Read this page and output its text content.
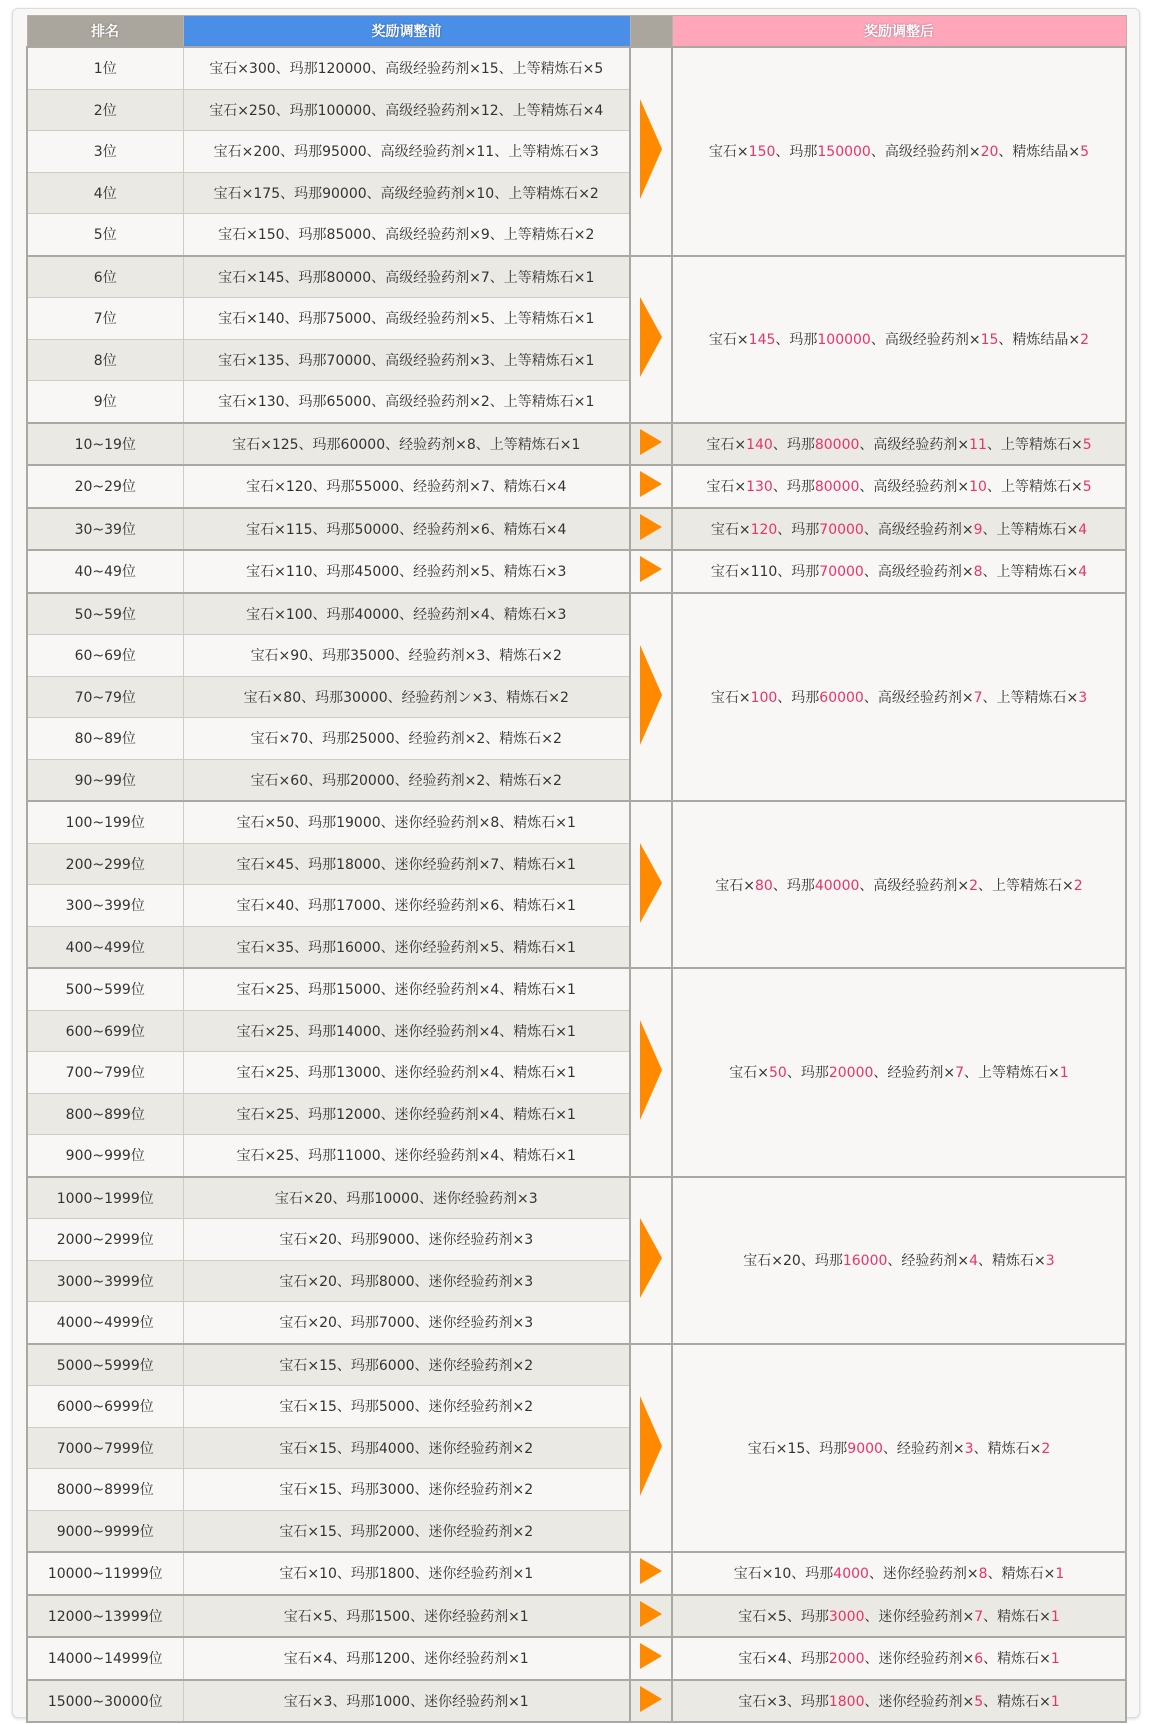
排名	奖励调整前		奖励调整后
1位	宝石×300、玛那120000、高级经验药剂×15、上等精炼石×5		宝石×150、玛那150000、高级经验药剂×20、精炼结晶×5
2位	宝石×250、玛那100000、高级经验药剂×12、上等精炼石×4		
3位	宝石×200、玛那95000、高级经验药剂×11、上等精炼石×3		
4位	宝石×175、玛那90000、高级经验药剂×10、上等精炼石×2		
5位	宝石×150、玛那85000、高级经验药剂×9、上等精炼石×2		
6位	宝石×145、玛那80000、高级经验药剂×7、上等精炼石×1		宝石×145、玛那100000、高级经验药剂×15、精炼结晶×2
7位	宝石×140、玛那75000、高级经验药剂×5、上等精炼石×1		
8位	宝石×135、玛那70000、高级经验药剂×3、上等精炼石×1		
9位	宝石×130、玛那65000、高级经验药剂×2、上等精炼石×1		
10~19位	宝石×125、玛那60000、经验药剂×8、上等精炼石×1		宝石×140、玛那80000、高级经验药剂×11、上等精炼石×5
20~29位	宝石×120、玛那55000、经验药剂×7、精炼石×4		宝石×130、玛那80000、高级经验药剂×10、上等精炼石×5
30~39位	宝石×115、玛那50000、经验药剂×6、精炼石×4		宝石×120、玛那70000、高级经验药剂×9、上等精炼石×4
40~49位	宝石×110、玛那45000、经验药剂×5、精炼石×3		宝石×110、玛那70000、高级经验药剂×8、上等精炼石×4
50~59位	宝石×100、玛那40000、经验药剂×4、精炼石×3		宝石×100、玛那60000、高级经验药剂×7、上等精炼石×3
60~69位	宝石×90、玛那35000、经验药剂×3、精炼石×2		
70~79位	宝石×80、玛那30000、经验药剂ン×3、精炼石×2		
80~89位	宝石×70、玛那25000、经验药剂×2、精炼石×2		
90~99位	宝石×60、玛那20000、经验药剂×2、精炼石×2		
100~199位	宝石×50、玛那19000、迷你经验药剂×8、精炼石×1		宝石×80、玛那40000、高级经验药剂×2、上等精炼石×2
200~299位	宝石×45、玛那18000、迷你经验药剂×7、精炼石×1		
300~399位	宝石×40、玛那17000、迷你经验药剂×6、精炼石×1		
400~499位	宝石×35、玛那16000、迷你经验药剂×5、精炼石×1		
500~599位	宝石×25、玛那15000、迷你经验药剂×4、精炼石×1		宝石×50、玛那20000、经验药剂×7、上等精炼石×1
600~699位	宝石×25、玛那14000、迷你经验药剂×4、精炼石×1		
700~799位	宝石×25、玛那13000、迷你经验药剂×4、精炼石×1		
800~899位	宝石×25、玛那12000、迷你经验药剂×4、精炼石×1		
900~999位	宝石×25、玛那11000、迷你经验药剂×4、精炼石×1		
1000~1999位	宝石×20、玛那10000、迷你经验药剂×3		宝石×20、玛那16000、经验药剂×4、精炼石×3
2000~2999位	宝石×20、玛那9000、迷你经验药剂×3		
3000~3999位	宝石×20、玛那8000、迷你经验药剂×3		
4000~4999位	宝石×20、玛那7000、迷你经验药剂×3		
5000~5999位	宝石×15、玛那6000、迷你经验药剂×2		宝石×15、玛那9000、经验药剂×3、精炼石×2
6000~6999位	宝石×15、玛那5000、迷你经验药剂×2		
7000~7999位	宝石×15、玛那4000、迷你经验药剂×2		
8000~8999位	宝石×15、玛那3000、迷你经验药剂×2		
9000~9999位	宝石×15、玛那2000、迷你经验药剂×2		
10000~11999位	宝石×10、玛那1800、迷你经验药剂×1		宝石×10、玛那4000、迷你经验药剂×8、精炼石×1
12000~13999位	宝石×5、玛那1500、迷你经验药剂×1		宝石×5、玛那3000、迷你经验药剂×7、精炼石×1
14000~14999位	宝石×4、玛那1200、迷你经验药剂×1		宝石×4、玛那2000、迷你经验药剂×6、精炼石×1
15000~30000位	宝石×3、玛那1000、迷你经验药剂×1		宝石×3、玛那1800、迷你经验药剂×5、精炼石×1
